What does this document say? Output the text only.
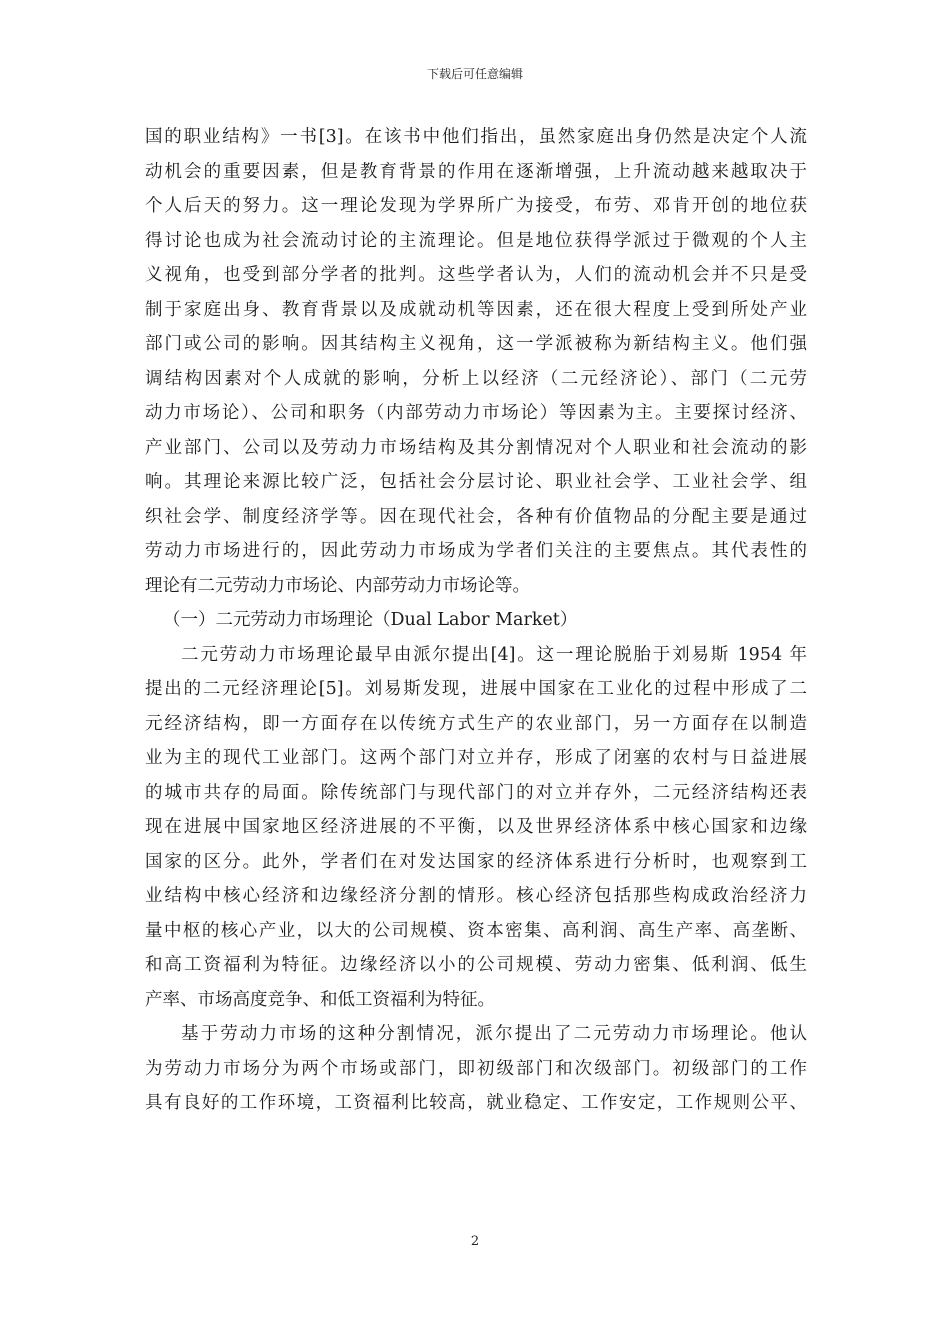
下载后可任意编辑
国的职业结构》一书[3]。在该书中他们指出，虽然家庭出身仍然是决定个人流
动机会的重要因素，但是教育背景的作用在逐渐增强，上升流动越来越取决于
个人后天的努力。这一理论发现为学界所广为接受，布劳、邓肯开创的地位获
得讨论也成为社会流动讨论的主流理论。但是地位获得学派过于微观的个人主
义视角，也受到部分学者的批判。这些学者认为，人们的流动机会并不只是受
制于家庭出身、教育背景以及成就动机等因素，还在很大程度上受到所处产业
部门或公司的影响。因其结构主义视角，这一学派被称为新结构主义。他们强
调结构因素对个人成就的影响，分析上以经济（二元经济论）、部门（二元劳
动力市场论）、公司和职务（内部劳动力市场论）等因素为主。主要探讨经济、
产业部门、公司以及劳动力市场结构及其分割情况对个人职业和社会流动的影
响。其理论来源比较广泛，包括社会分层讨论、职业社会学、工业社会学、组
织社会学、制度经济学等。因在现代社会，各种有价值物品的分配主要是通过
劳动力市场进行的，因此劳动力市场成为学者们关注的主要焦点。其代表性的
理论有二元劳动力市场论、内部劳动力市场论等。
（一）二元劳动力市场理论（Dual Labor Market）
二元劳动力市场理论最早由派尔提出[4]。这一理论脱胎于刘易斯 1954 年
提出的二元经济理论[5]。刘易斯发现，进展中国家在工业化的过程中形成了二
元经济结构，即一方面存在以传统方式生产的农业部门，另一方面存在以制造
业为主的现代工业部门。这两个部门对立并存，形成了闭塞的农村与日益进展
的城市共存的局面。除传统部门与现代部门的对立并存外，二元经济结构还表
现在进展中国家地区经济进展的不平衡，以及世界经济体系中核心国家和边缘
国家的区分。此外，学者们在对发达国家的经济体系进行分析时，也观察到工
业结构中核心经济和边缘经济分割的情形。核心经济包括那些构成政治经济力
量中枢的核心产业，以大的公司规模、资本密集、高利润、高生产率、高垄断、
和高工资福利为特征。边缘经济以小的公司规模、劳动力密集、低利润、低生
产率、市场高度竞争、和低工资福利为特征。
基于劳动力市场的这种分割情况，派尔提出了二元劳动力市场理论。他认
为劳动力市场分为两个市场或部门，即初级部门和次级部门。初级部门的工作
具有良好的工作环境，工资福利比较高，就业稳定、工作安定，工作规则公平、
2
